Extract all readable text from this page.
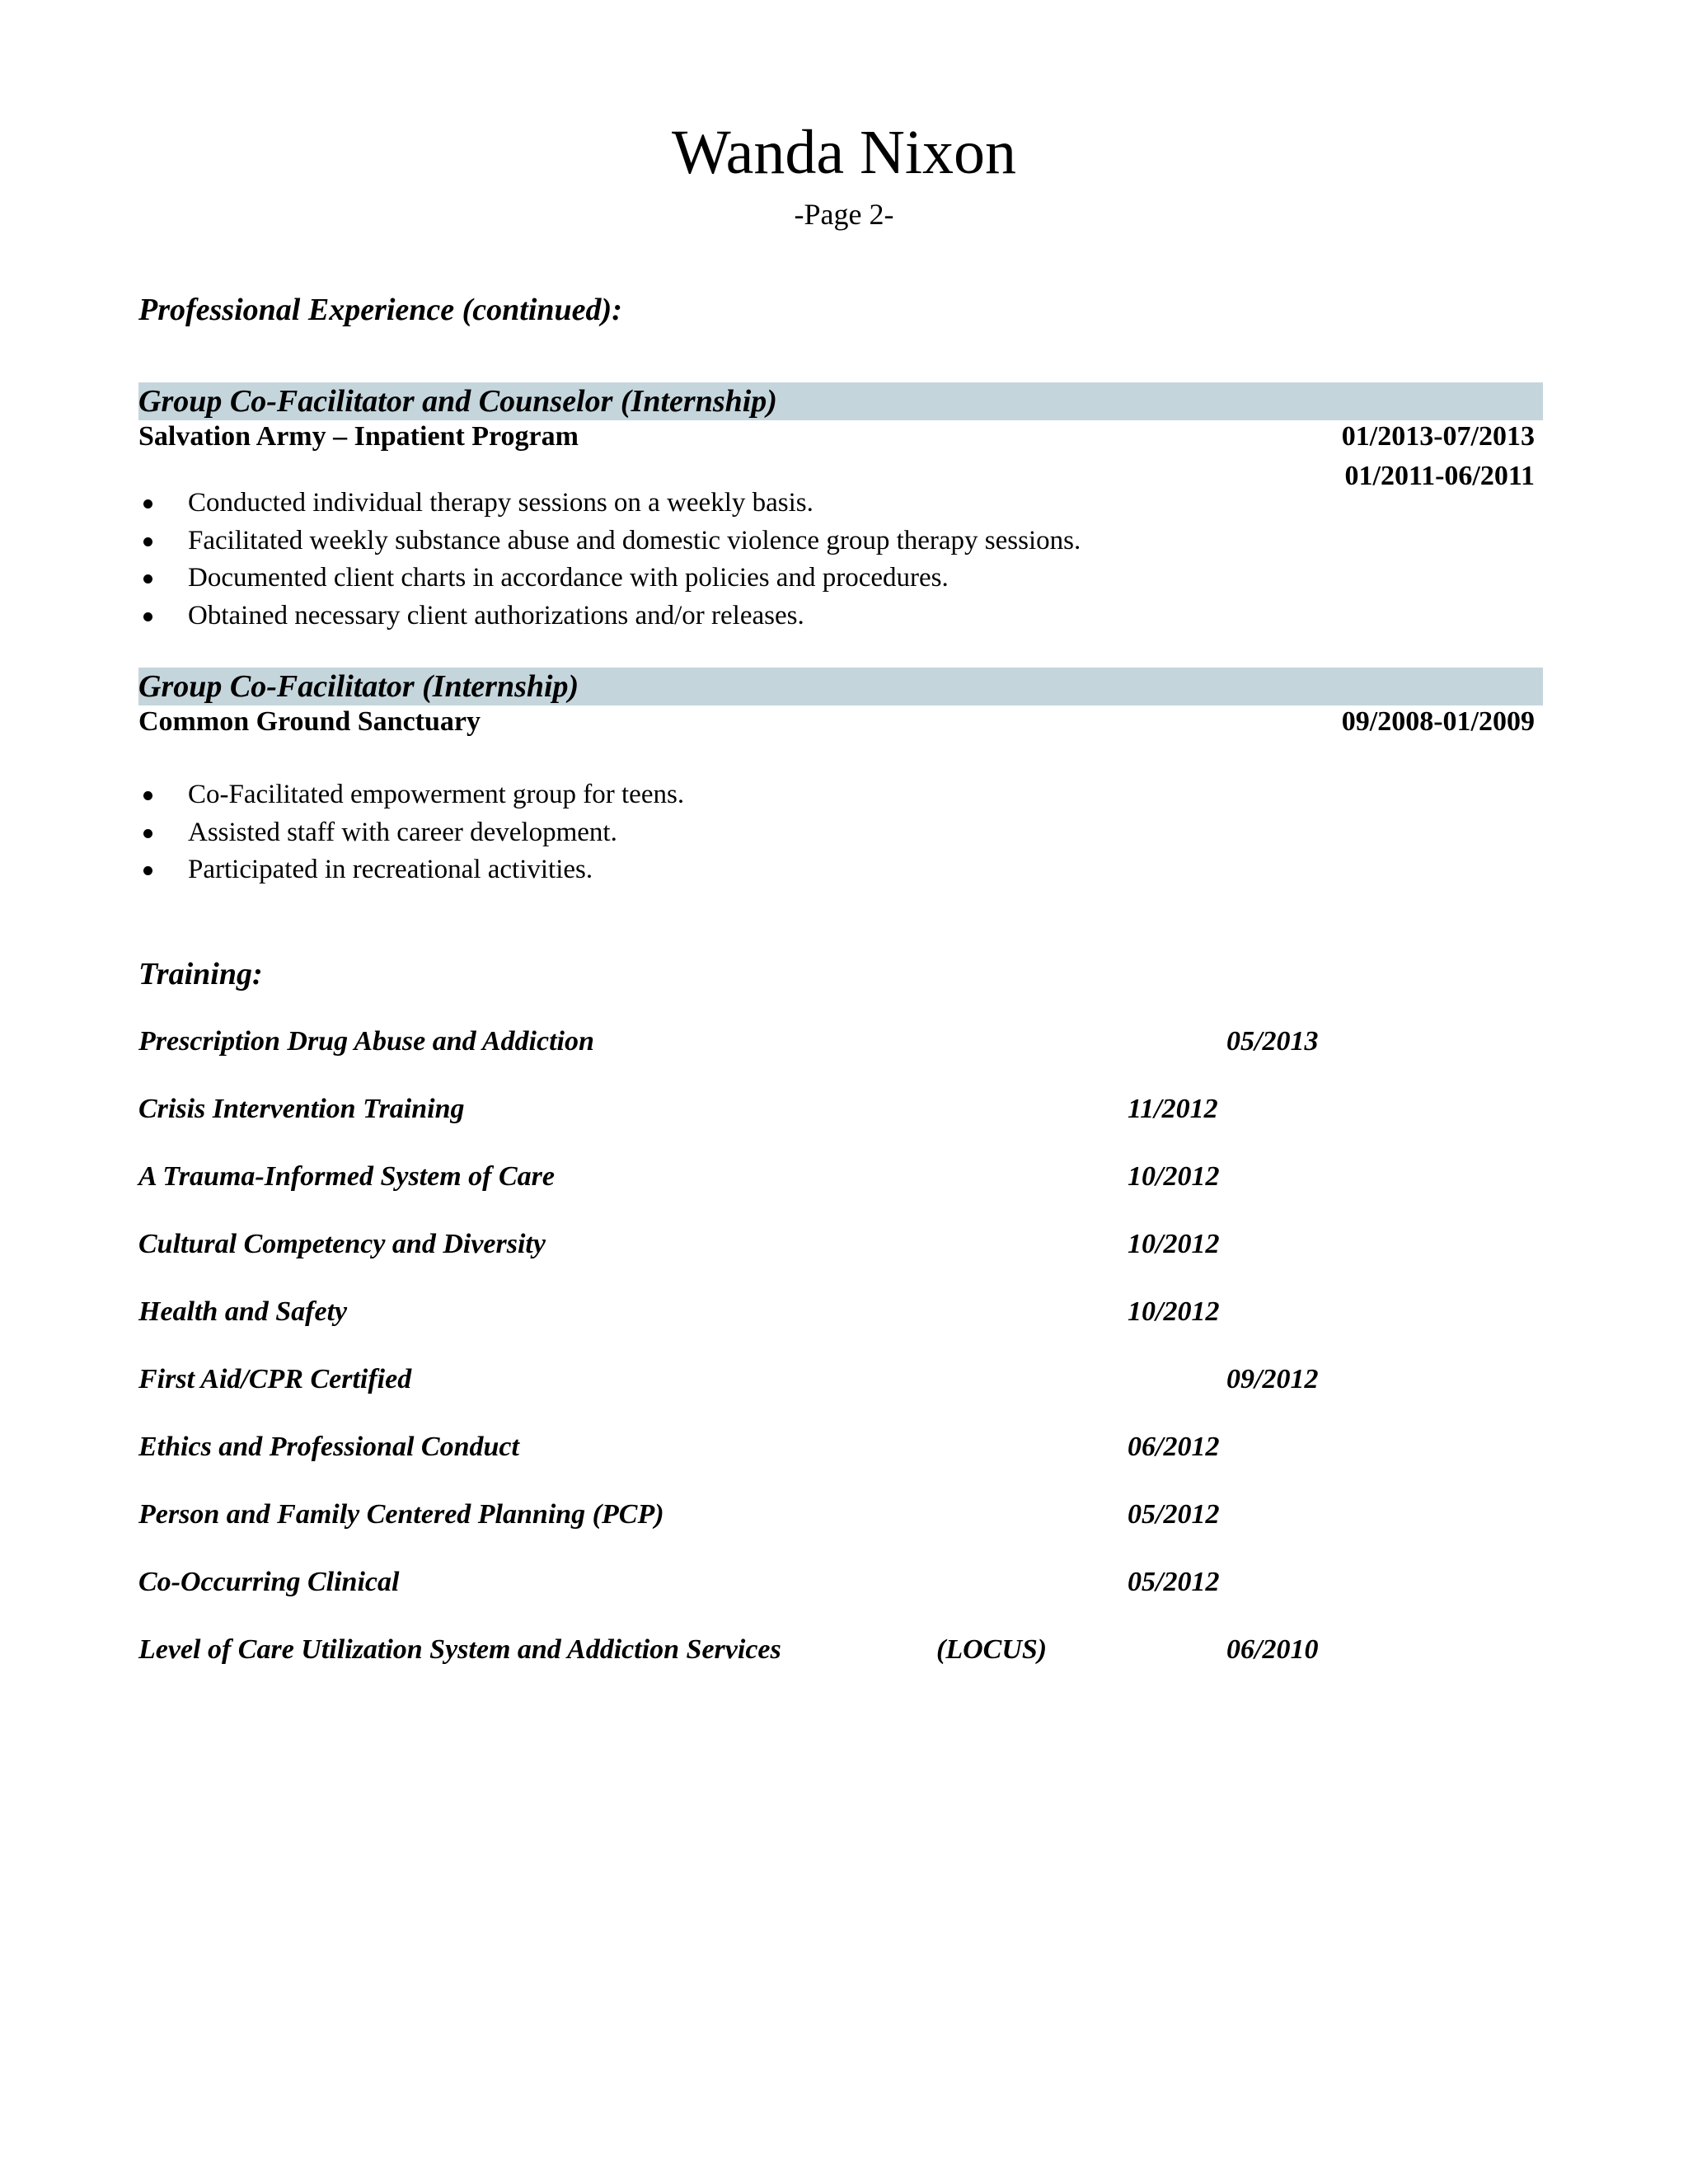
Wanda Nixon
-Page 2-
Professional Experience (continued):
Group Co-Facilitator and Counselor (Internship)
Salvation Army – Inpatient Program	01/2013-07/2013
01/2011-06/2011
Conducted individual therapy sessions on a weekly basis.
Facilitated weekly substance abuse and domestic violence group therapy sessions.
Documented client charts in accordance with policies and procedures.
Obtained necessary client authorizations and/or releases.
Group Co-Facilitator (Internship)
Common Ground Sanctuary	09/2008-01/2009
Co-Facilitated empowerment group for teens.
Assisted staff with career development.
Participated in recreational activities.
Training:
Prescription Drug Abuse and Addiction	05/2013
Crisis Intervention Training	11/2012
A Trauma-Informed System of Care	10/2012
Cultural Competency and Diversity	10/2012
Health and Safety	10/2012
First Aid/CPR Certified	09/2012
Ethics and Professional Conduct	06/2012
Person and Family Centered Planning (PCP)	05/2012
Co-Occurring Clinical	05/2012
Level of Care Utilization System and Addiction Services	(LOCUS)	06/2010
